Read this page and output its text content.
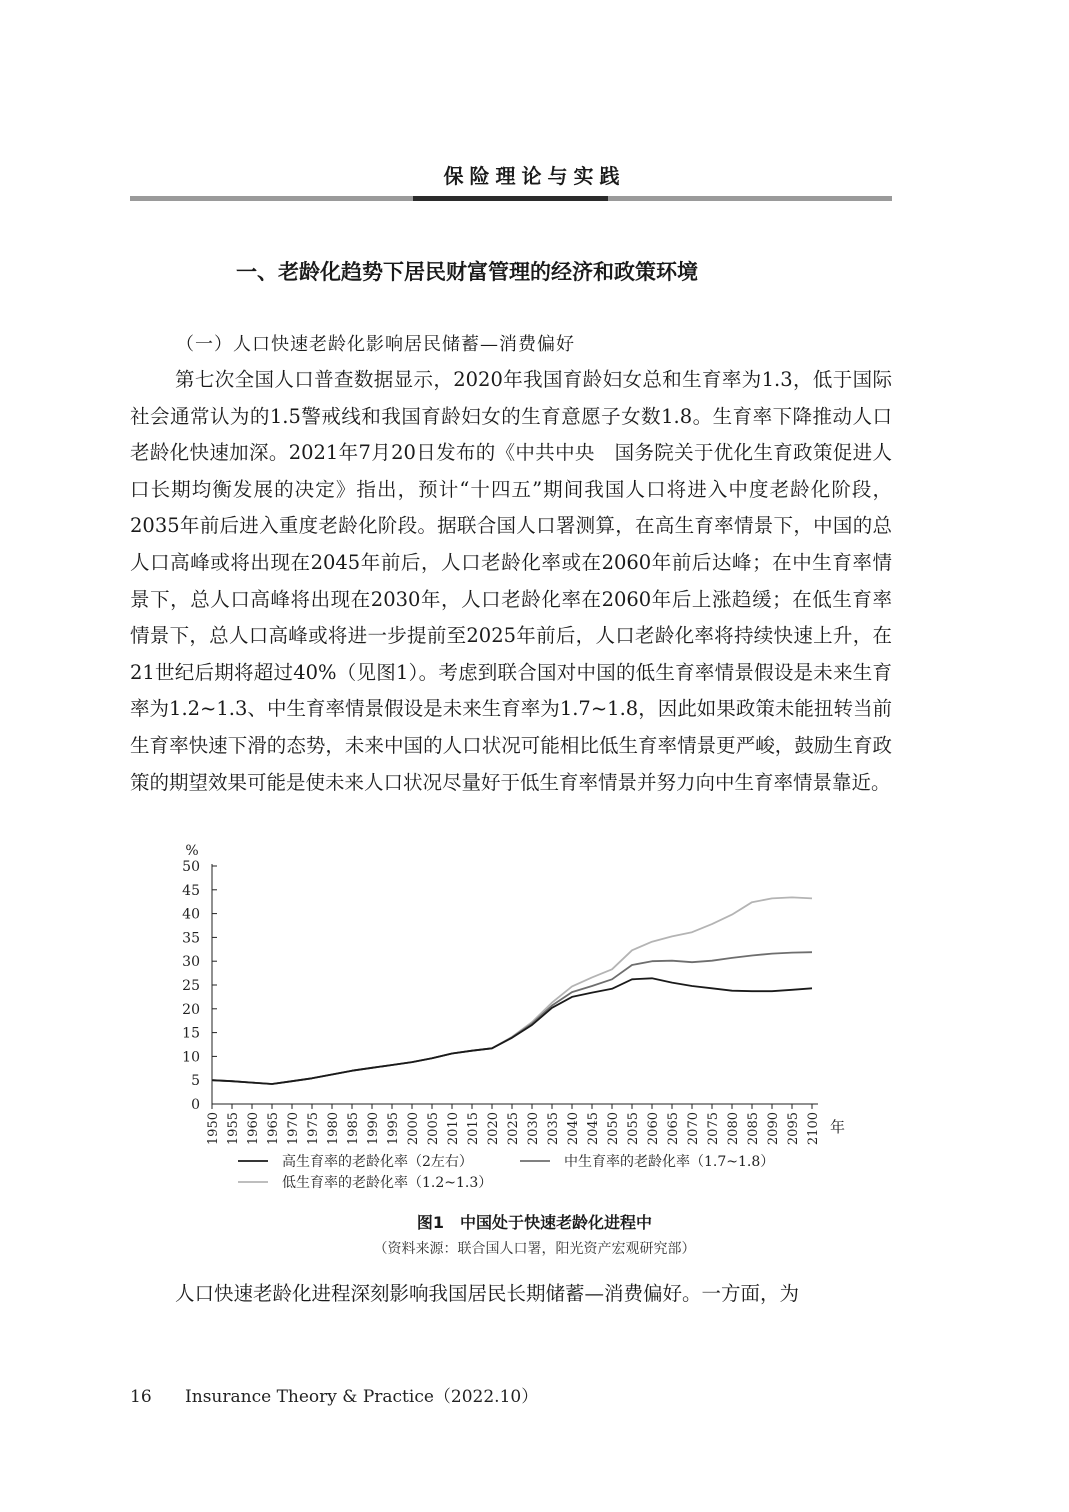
保险理论与实践
一、老龄化趋势下居民财富管理的经济和政策环境
（一）人口快速老龄化影响居民储蓄—消费偏好

第七次全国人口普查数据显示，2020年我国育龄妇女总和生育率为1.3，低于国际社会通常认为的1.5警戒线和我国育龄妇女的生育意愿子女数1.8。生育率下降推动人口老龄化快速加深。2021年7月20日发布的《中共中央　国务院关于优化生育政策促进人口长期均衡发展的决定》指出，预计“十四五”期间我国人口将进入中度老龄化阶段，2035年前后进入重度老龄化阶段。据联合国人口署测算，在高生育率情景下，中国的总人口高峰或将出现在2045年前后，人口老龄化率或在2060年前后达峰；在中生育率情景下，总人口高峰将出现在2030年，人口老龄化率在2060年后上涨趋缓；在低生育率情景下，总人口高峰或将进一步提前至2025年前后，人口老龄化率将持续快速上升，在21世纪后期将超过40%（见图1）。考虑到联合国对中国的低生育率情景假设是未来生育率为1.2~1.3、中生育率情景假设是未来生育率为1.7~1.8，因此如果政策未能扭转当前生育率快速下滑的态势，未来中国的人口状况可能相比低生育率情景更严峻，鼓励生育政策的期望效果可能是使未来人口状况尽量好于低生育率情景并努力向中生育率情景靠近。

0
5
10
15
20
25
30
35
40
45
50
%
1950 1955 1960 1965 1970 1975 1980 1985 1990 1995 2000 2005 2010 2015 2020 2025 2030 2035 2040 2045 2050 2055 2060 2065 2070 2075 2080 2085 2090 2095 2100 年
高生育率的老龄化率（2左右）	中生育率的老龄化率（1.7~1.8）
低生育率的老龄化率（1.2~1.3）
图1　中国处于快速老龄化进程中
（资料来源：联合国人口署，阳光资产宏观研究部）

人口快速老龄化进程深刻影响我国居民长期储蓄—消费偏好。一方面，为

16 Insurance Theory & Practice（2022.10）
